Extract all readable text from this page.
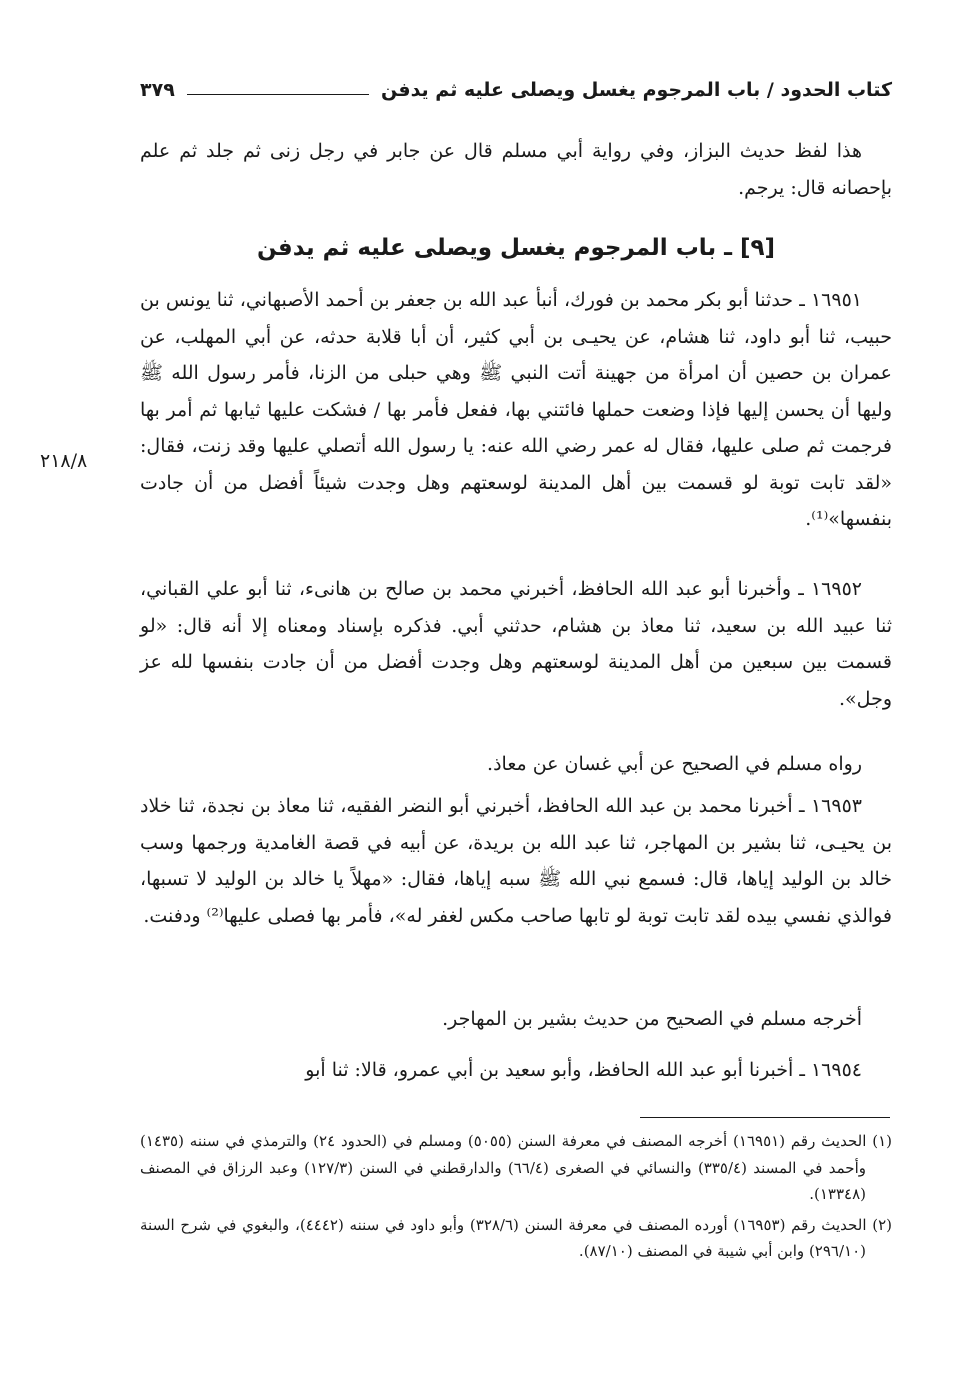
كتاب الحدود / باب المرجوم يغسل ويصلى عليه ثم يدفن
٣٧٩

هذا لفظ حديث البزاز، وفي رواية أبي مسلم قال عن جابر في رجل زنى ثم جلد ثم علم بإحصانه قال: يرجم.

[٩] ـ باب المرجوم يغسل ويصلى عليه ثم يدفن

١٦٩٥١ ـ حدثنا أبو بكر محمد بن فورك، أنبأ عبد الله بن جعفر بن أحمد الأصبهاني، ثنا يونس بن حبيب، ثنا أبو داود، ثنا هشام، عن يحيـى بن أبي كثير، أن أبا قلابة حدثه، عن أبي المهلب، عن عمران بن حصين أن امرأة من جهينة أتت النبي ﷺ وهي حبلى من الزنا، فأمر رسول الله ﷺ وليها أن يحسن إليها فإذا وضعت حملها فائتني بها، ففعل فأمر بها / فشكت عليها ثيابها ثم أمر بها فرجمت ثم صلى عليها، فقال له عمر رضي الله عنه: يا رسول الله أتصلي عليها وقد زنت، فقال: «لقد تابت توبة لو قسمت بين أهل المدينة لوسعتهم وهل وجدت شيئاً أفضل من أن جادت بنفسها»⁽¹⁾.

٢١٨/٨

١٦٩٥٢ ـ وأخبرنا أبو عبد الله الحافظ، أخبرني محمد بن صالح بن هانىء، ثنا أبو علي القباني، ثنا عبيد الله بن سعيد، ثنا معاذ بن هشام، حدثني أبي. فذكره بإسناد ومعناه إلا أنه قال: «لو قسمت بين سبعين من أهل المدينة لوسعتهم وهل وجدت أفضل من أن جادت بنفسها لله عز وجل».

رواه مسلم في الصحيح عن أبي غسان عن معاذ.

١٦٩٥٣ ـ أخبرنا محمد بن عبد الله الحافظ، أخبرني أبو النضر الفقيه، ثنا معاذ بن نجدة، ثنا خلاد بن يحيـى، ثنا بشير بن المهاجر، ثنا عبد الله بن بريدة، عن أبيه في قصة الغامدية ورجمها وسب خالد بن الوليد إياها، قال: فسمع نبي الله ﷺ سبه إياها، فقال: «مهلاً يا خالد بن الوليد لا تسبها، فوالذي نفسي بيده لقد تابت توبة لو تابها صاحب مكس لغفر له»، فأمر بها فصلى عليها⁽²⁾ ودفنت.

أخرجه مسلم في الصحيح من حديث بشير بن المهاجر.

١٦٩٥٤ ـ أخبرنا أبو عبد الله الحافظ، وأبو سعيد بن أبي عمرو، قالا: ثنا أبو

(١) الحديث رقم (١٦٩٥١) أخرجه المصنف في معرفة السنن (٥٠٥٥) ومسلم في (الحدود ٢٤) والترمذي في سننه (١٤٣٥) وأحمد في المسند (٣٣٥/٤) والنسائي في الصغرى (٦٦/٤) والدارقطني في السنن (١٢٧/٣) وعبد الرزاق في المصنف (١٣٣٤٨).

(٢) الحديث رقم (١٦٩٥٣) أورده المصنف في معرفة السنن (٣٢٨/٦) وأبو داود في سننه (٤٤٤٢)، والبغوي في شرح السنة (٢٩٦/١٠) وابن أبي شيبة في المصنف (٨٧/١٠).
